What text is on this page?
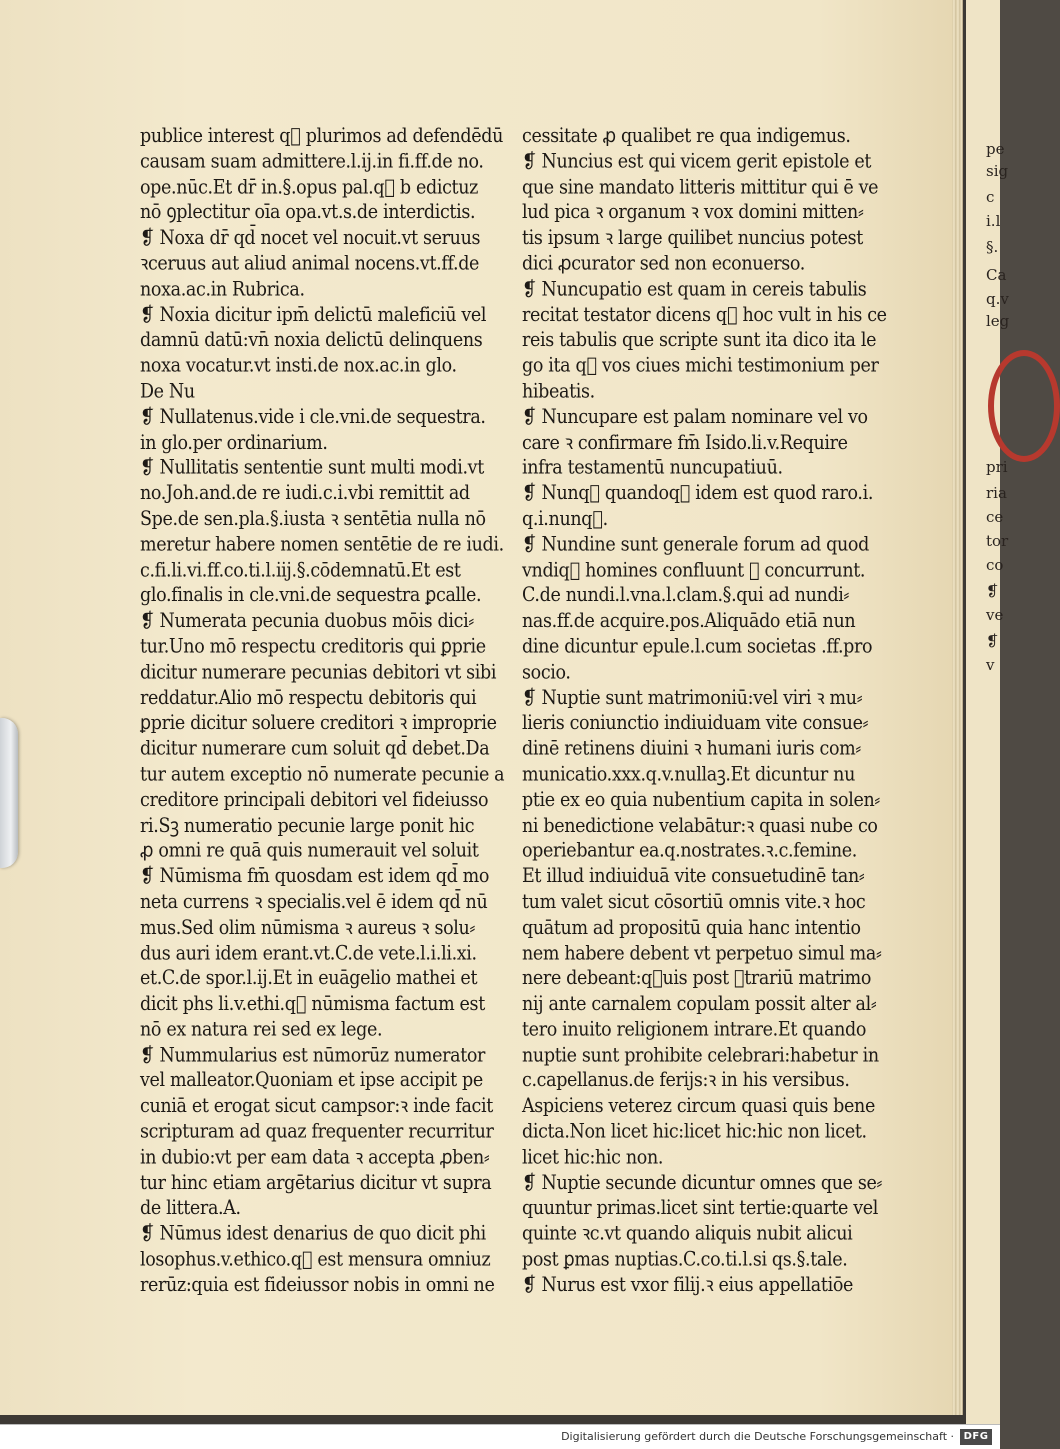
pe
sig
c
i.l
§.
Ca
q.v
leg
pri
ria
ce
tor
co
❡
ve
❡
v
publice interest q᷑ plurimos ad defendēdū
causam suam admittere.l.ij.in fi.ff.de no.
ope.nūc.Et dr̄ in.§.opus pal.q᷑ b edictuz
nō ꝯplectitur oīa opa.vt.s.de interdictis.
❡ Noxa dr̄ qd̄ nocet vel nocuit.vt seruus
ꝛceruus aut aliud animal nocens.vt.ff.de
noxa.ac.in Rubrica.
❡ Noxia dicitur ipm̄ delictū maleficiū vel
damnū datū:vn̄ noxia delictū delinquens
noxa vocatur.vt insti.de nox.ac.in glo.
De Nu
❡ Nullatenus.vide i cle.vni.de sequestra.
in glo.per ordinarium.
❡ Nullitatis sententie sunt multi modi.vt
no.Joh.and.de re iudi.c.i.vbi remittit ad
Spe.de sen.pla.§.iusta ꝛ sentētia nulla nō
meretur habere nomen sentētie de re iudi.
c.fi.li.vi.ff.co.ti.l.iij.§.cōdemnatū.Et est
glo.finalis in cle.vni.de sequestra ꝑcalle.
❡ Numerata pecunia duobus mōis dici⸗
tur.Uno mō respectu creditoris qui ꝑprie
dicitur numerare pecunias debitori vt sibi
reddatur.Alio mō respectu debitoris qui
ꝑprie dicitur soluere creditori ꝛ improprie
dicitur numerare cum soluit qd̄ debet.Da
tur autem exceptio nō numerate pecunie a
creditore principali debitori vel fideiusso
ri.Sꝫ numeratio pecunie large ponit hic
ꝓ omni re quā quis numerauit vel soluit
❡ Nūmisma fm̄ quosdam est idem qd̄ mo
neta currens ꝛ specialis.vel ē idem qd̄ nū
mus.Sed olim nūmisma ꝛ aureus ꝛ solu⸗
dus auri idem erant.vt.C.de vete.l.i.li.xi.
et.C.de spor.l.ij.Et in euāgelio mathei et
dicit phs li.v.ethi.q᷑ nūmisma factum est
nō ex natura rei sed ex lege.
❡ Nummularius est nūmorūz numerator
vel malleator.Quoniam et ipse accipit pe
cuniā et erogat sicut campsor:ꝛ inde facit
scripturam ad quaz frequenter recurritur
in dubio:vt per eam data ꝛ accepta ꝓben⸗
tur hinc etiam argētarius dicitur vt supra
de littera.A.
❡ Nūmus idest denarius de quo dicit phi
losophus.v.ethico.q᷑ est mensura omniuz
rerūz:quia est fideiussor nobis in omni ne
cessitate ꝓ qualibet re qua indigemus.
❡ Nuncius est qui vicem gerit epistole et
que sine mandato litteris mittitur qui ē ve
lud pica ꝛ organum ꝛ vox domini mitten⸗
tis ipsum ꝛ large quilibet nuncius potest
dici ꝓcurator sed non econuerso.
❡ Nuncupatio est quam in cereis tabulis
recitat testator dicens q᷑ hoc vult in his ce
reis tabulis que scripte sunt ita dico ita le
go ita q᷑ vos ciues michi testimonium per
hibeatis.
❡ Nuncupare est palam nominare vel vo
care ꝛ confirmare fm̄ Isido.li.v.Require
infra testamentū nuncupatiuū.
❡ Nunq᷑ quandoq᷑ idem est quod raro.i.
q.i.nunq᷑.
❡ Nundine sunt generale forum ad quod
vndiq᷑ homines confluunt ꝛ concurrunt.
C.de nundi.l.vna.l.clam.§.qui ad nundi⸗
nas.ff.de acquire.pos.Aliquādo etiā nun
dine dicuntur epule.l.cum societas .ff.pro
socio.
❡ Nuptie sunt matrimoniū:vel viri ꝛ mu⸗
lieris coniunctio indiuiduam vite consue⸗
dinē retinens diuini ꝛ humani iuris com⸗
municatio.xxx.q.v.nullaꝫ.Et dicuntur nu
ptie ex eo quia nubentium capita in solen⸗
ni benedictione velabātur:ꝛ quasi nube co
operiebantur ea.q.nostrates.ꝛ.c.femine.
Et illud indiuiduā vite consuetudinē tan⸗
tum valet sicut cōsortiū omnis vite.ꝛ hoc
quātum ad propositū quia hanc intentio
nem habere debent vt perpetuo simul ma⸗
nere debeant:q᷑uis post ꝯtrariū matrimo
nij ante carnalem copulam possit alter al⸗
tero inuito religionem intrare.Et quando
nuptie sunt prohibite celebrari:habetur in
c.capellanus.de ferijs:ꝛ in his versibus.
Aspiciens veterez circum quasi quis bene
dicta.Non licet hic:licet hic:hic non licet.
licet hic:hic non.
❡ Nuptie secunde dicuntur omnes que se⸗
quuntur primas.licet sint tertie:quarte vel
quinte ꝛc.vt quando aliquis nubit alicui
post ꝑmas nuptias.C.co.ti.l.si qs.§.tale.
❡ Nurus est vxor filij.ꝛ eius appellatiōe
Digitalisierung gefördert durch die Deutsche Forschungsgemeinschaft · DFG
